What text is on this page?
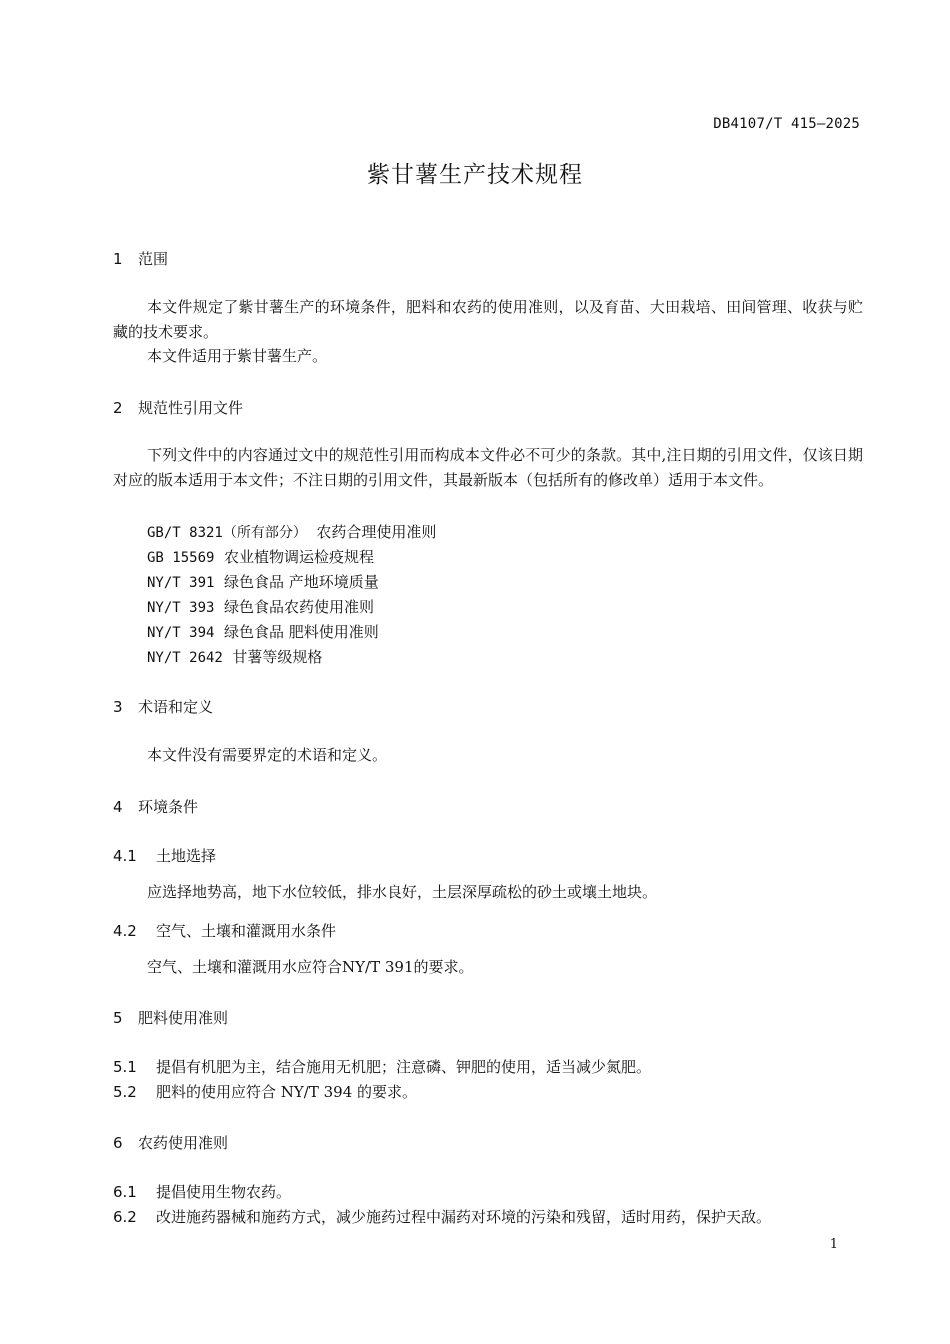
DB4107/T 415—2025
紫甘薯生产技术规程
1 范围
本文件规定了紫甘薯生产的环境条件，肥料和农药的使用准则，以及育苗、大田栽培、田间管理、收获与贮藏的技术要求。
本文件适用于紫甘薯生产。
2 规范性引用文件
下列文件中的内容通过文中的规范性引用而构成本文件必不可少的条款。其中,注日期的引用文件，仅该日期对应的版本适用于本文件；不注日期的引用文件，其最新版本（包括所有的修改单）适用于本文件。
GB/T 8321（所有部分）  农药合理使用准则
GB 15569  农业植物调运检疫规程
NY/T 391  绿色食品 产地环境质量
NY/T 393  绿色食品农药使用准则
NY/T 394  绿色食品 肥料使用准则
NY/T 2642  甘薯等级规格
3 术语和定义
本文件没有需要界定的术语和定义。
4 环境条件
4.1 土地选择
应选择地势高，地下水位较低，排水良好，土层深厚疏松的砂土或壤土地块。
4.2 空气、土壤和灌溉用水条件
空气、土壤和灌溉用水应符合NY/T 391的要求。
5 肥料使用准则
5.1 提倡有机肥为主，结合施用无机肥；注意磷、钾肥的使用，适当减少氮肥。
5.2 肥料的使用应符合 NY/T 394 的要求。
6 农药使用准则
6.1 提倡使用生物农药。
6.2 改进施药器械和施药方式，减少施药过程中漏药对环境的污染和残留，适时用药，保护天敌。
1
